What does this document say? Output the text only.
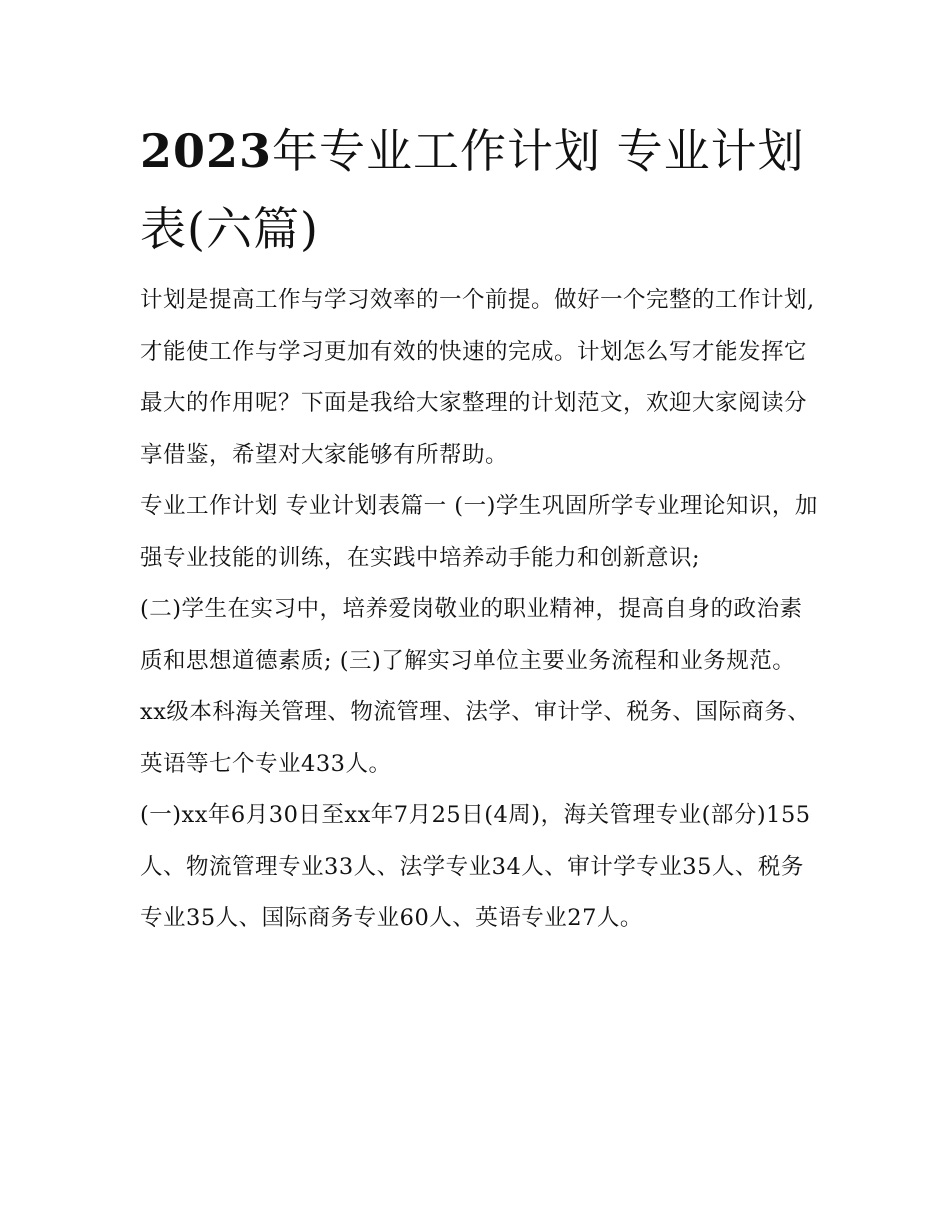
2023年专业工作计划 专业计划表(六篇)

计划是提高工作与学习效率的一个前提。做好一个完整的工作计划,才能使工作与学习更加有效的快速的完成。计划怎么写才能发挥它最大的作用呢？下面是我给大家整理的计划范文，欢迎大家阅读分享借鉴，希望对大家能够有所帮助。

专业工作计划 专业计划表篇一 (一)学生巩固所学专业理论知识，加强专业技能的训练，在实践中培养动手能力和创新意识;

(二)学生在实习中，培养爱岗敬业的职业精神，提高自身的政治素质和思想道德素质; (三)了解实习单位主要业务流程和业务规范。

xx级本科海关管理、物流管理、法学、审计学、税务、国际商务、英语等七个专业433人。

(一)xx年6月30日至xx年7月25日(4周)，海关管理专业(部分)155人、物流管理专业33人、法学专业34人、审计学专业35人、税务专业35人、国际商务专业60人、英语专业27人。
